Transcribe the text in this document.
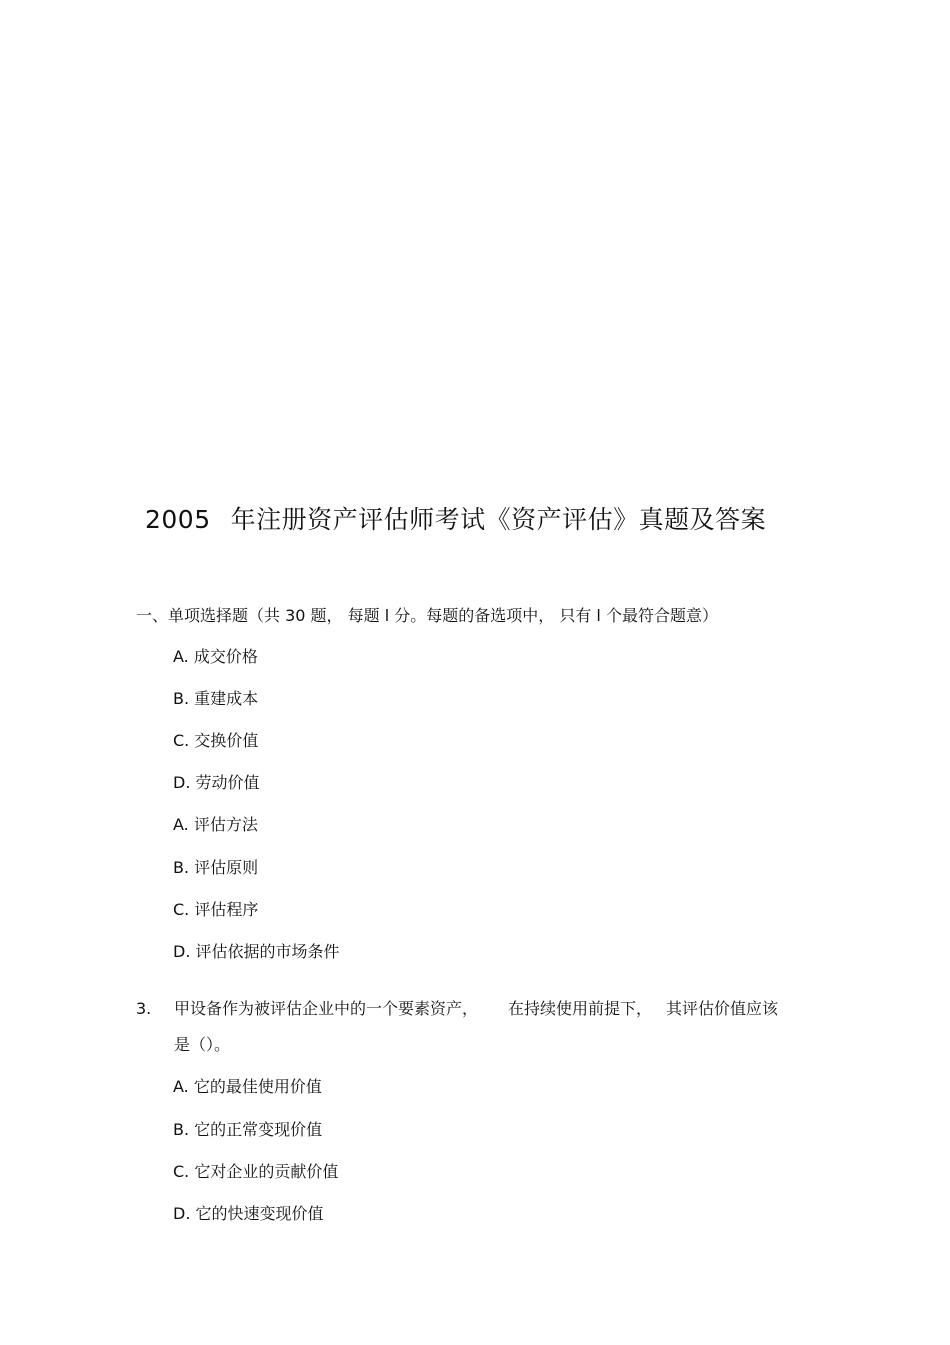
2005 年注册资产评估师考试《资产评估》真题及答案
一、单项选择题（共 30 题， 每题 l 分。每题的备选项中， 只有 l 个最符合题意）
A. 成交价格
B. 重建成本
C. 交换价值
D. 劳动价值
A. 评估方法
B. 评估原则
C. 评估程序
D. 评估依据的市场条件
3. 甲设备作为被评估企业中的一个要素资产， 在持续使用前提下， 其评估价值应该
是（）。
A. 它的最佳使用价值
B. 它的正常变现价值
C. 它对企业的贡献价值
D. 它的快速变现价值
